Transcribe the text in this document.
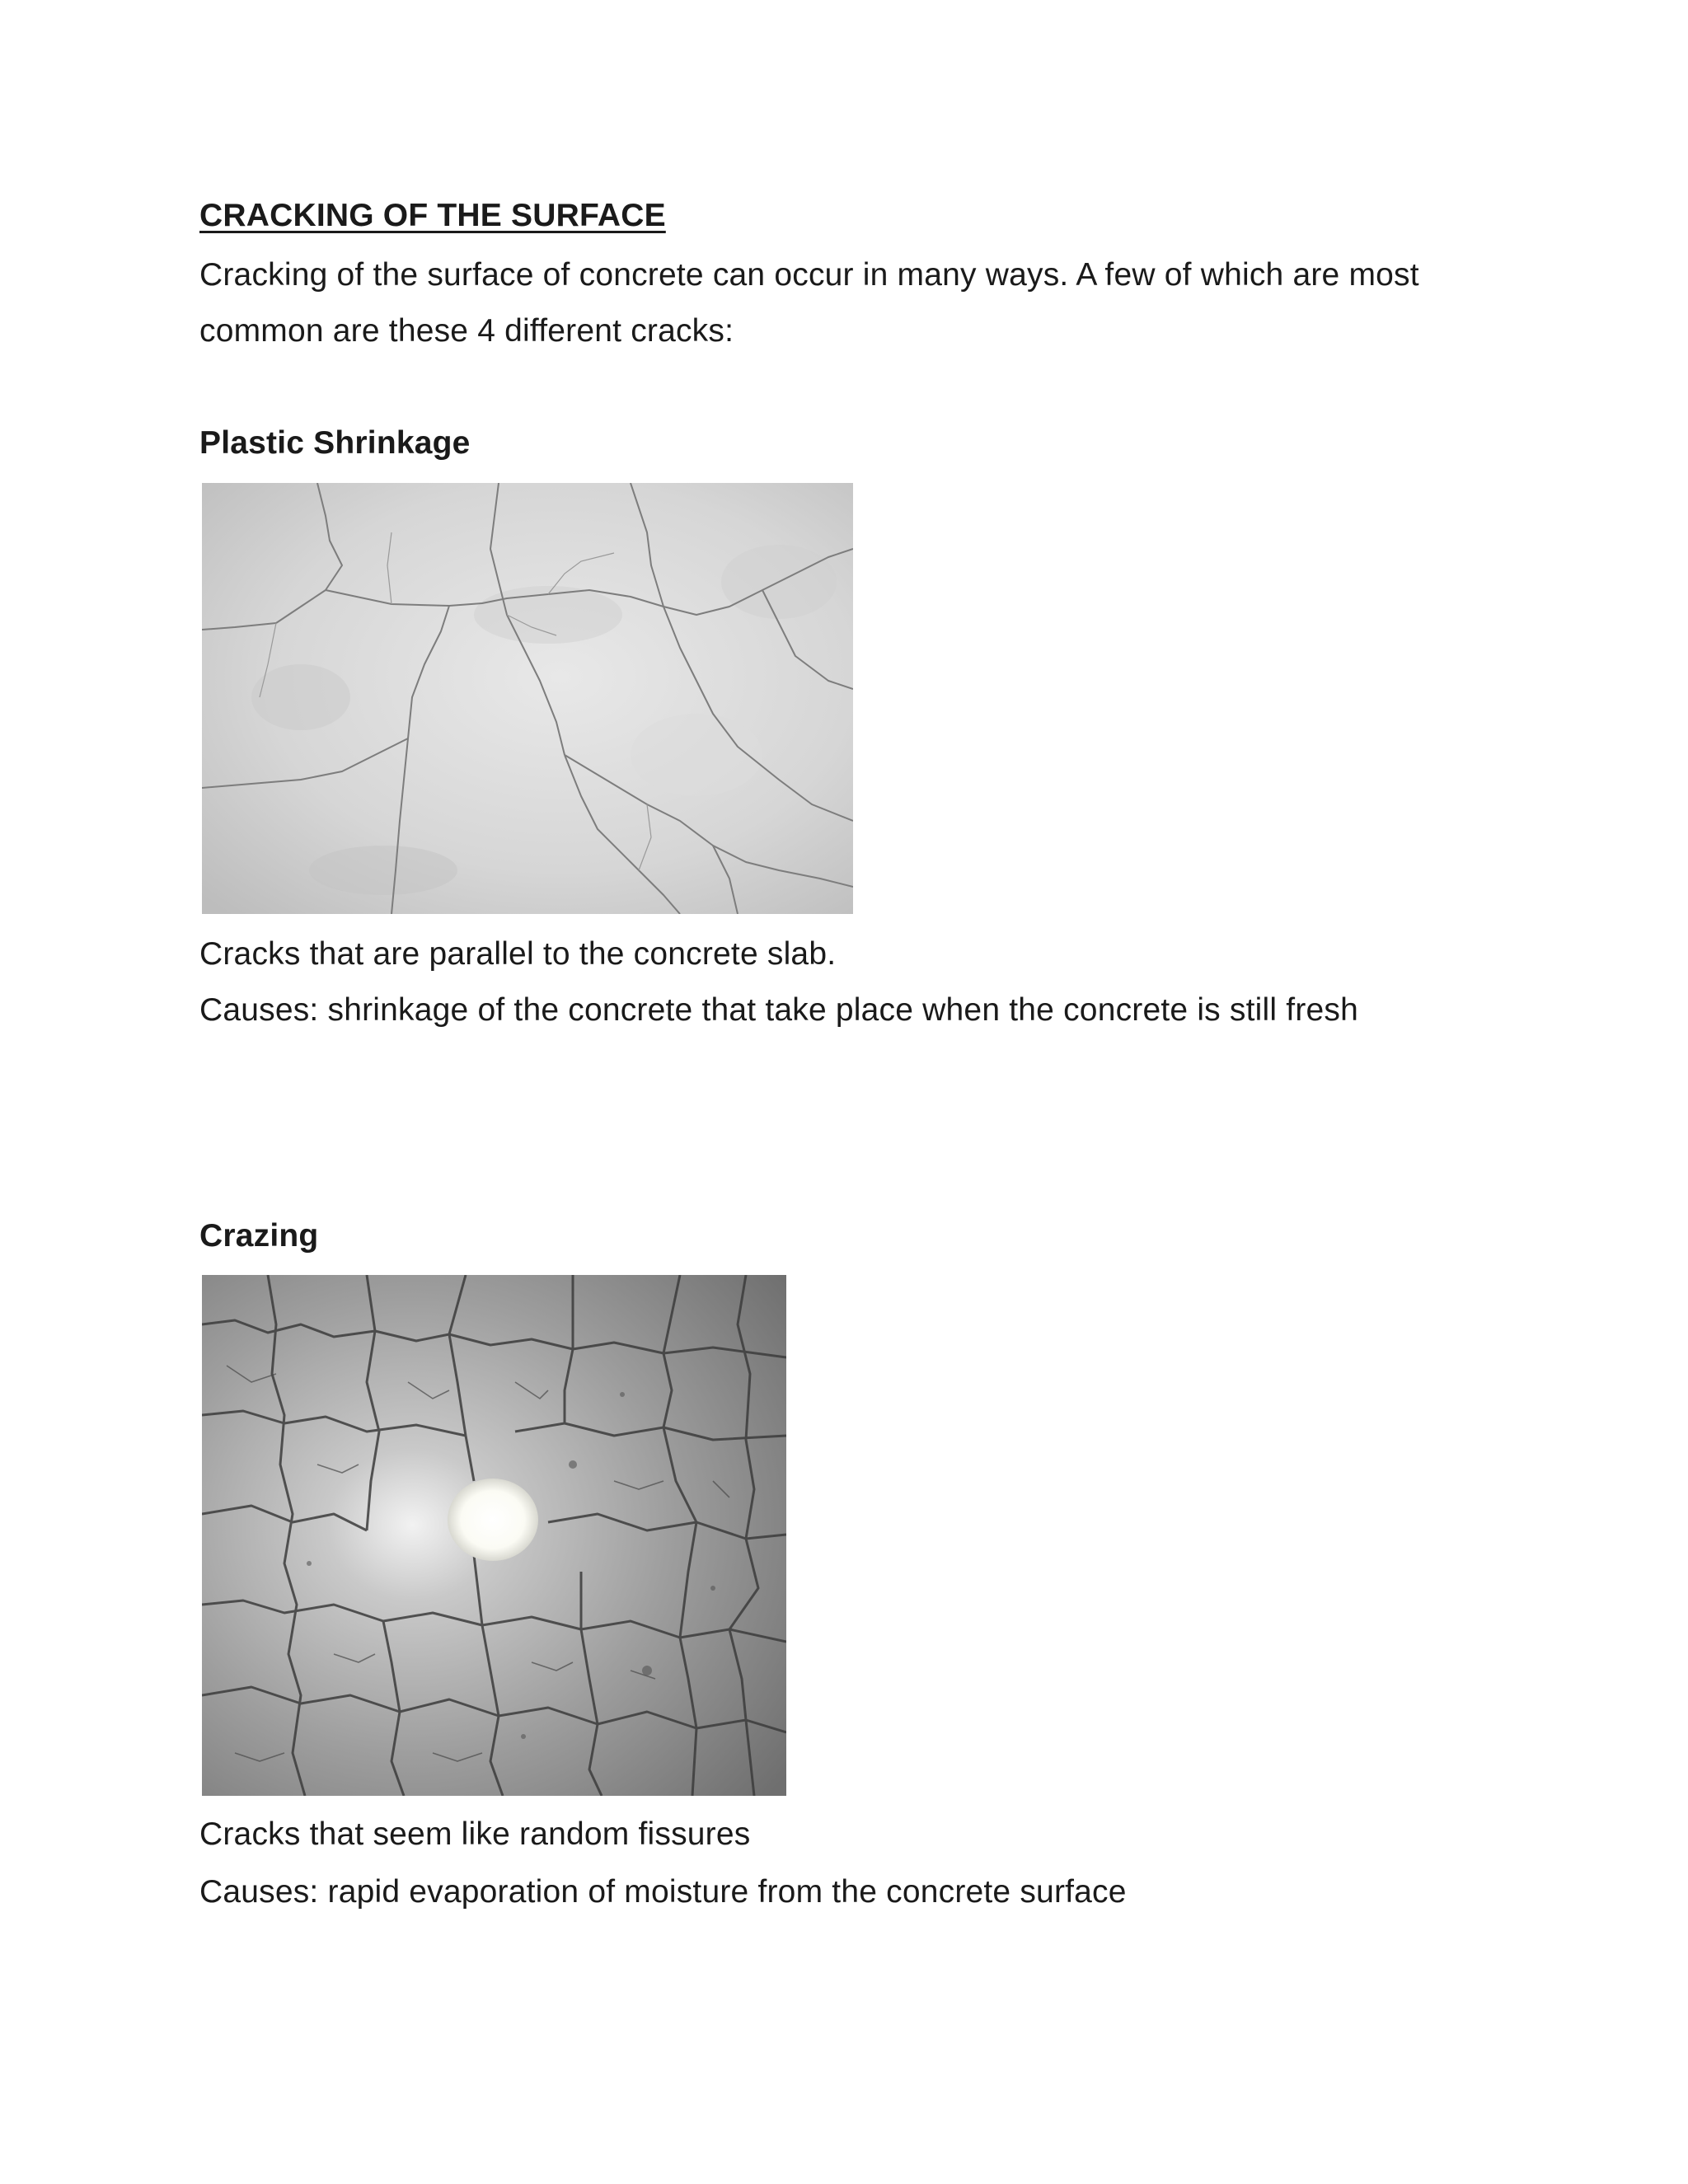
CRACKING OF THE SURFACE
Cracking of the surface of concrete can occur in many ways. A few of which are most
common are these 4 different cracks:
Plastic Shrinkage
Cracks that are parallel to the concrete slab.
Causes: shrinkage of the concrete that take place when the concrete is still fresh
Crazing
Cracks that seem like random fissures
Causes: rapid evaporation of moisture from the concrete surface
